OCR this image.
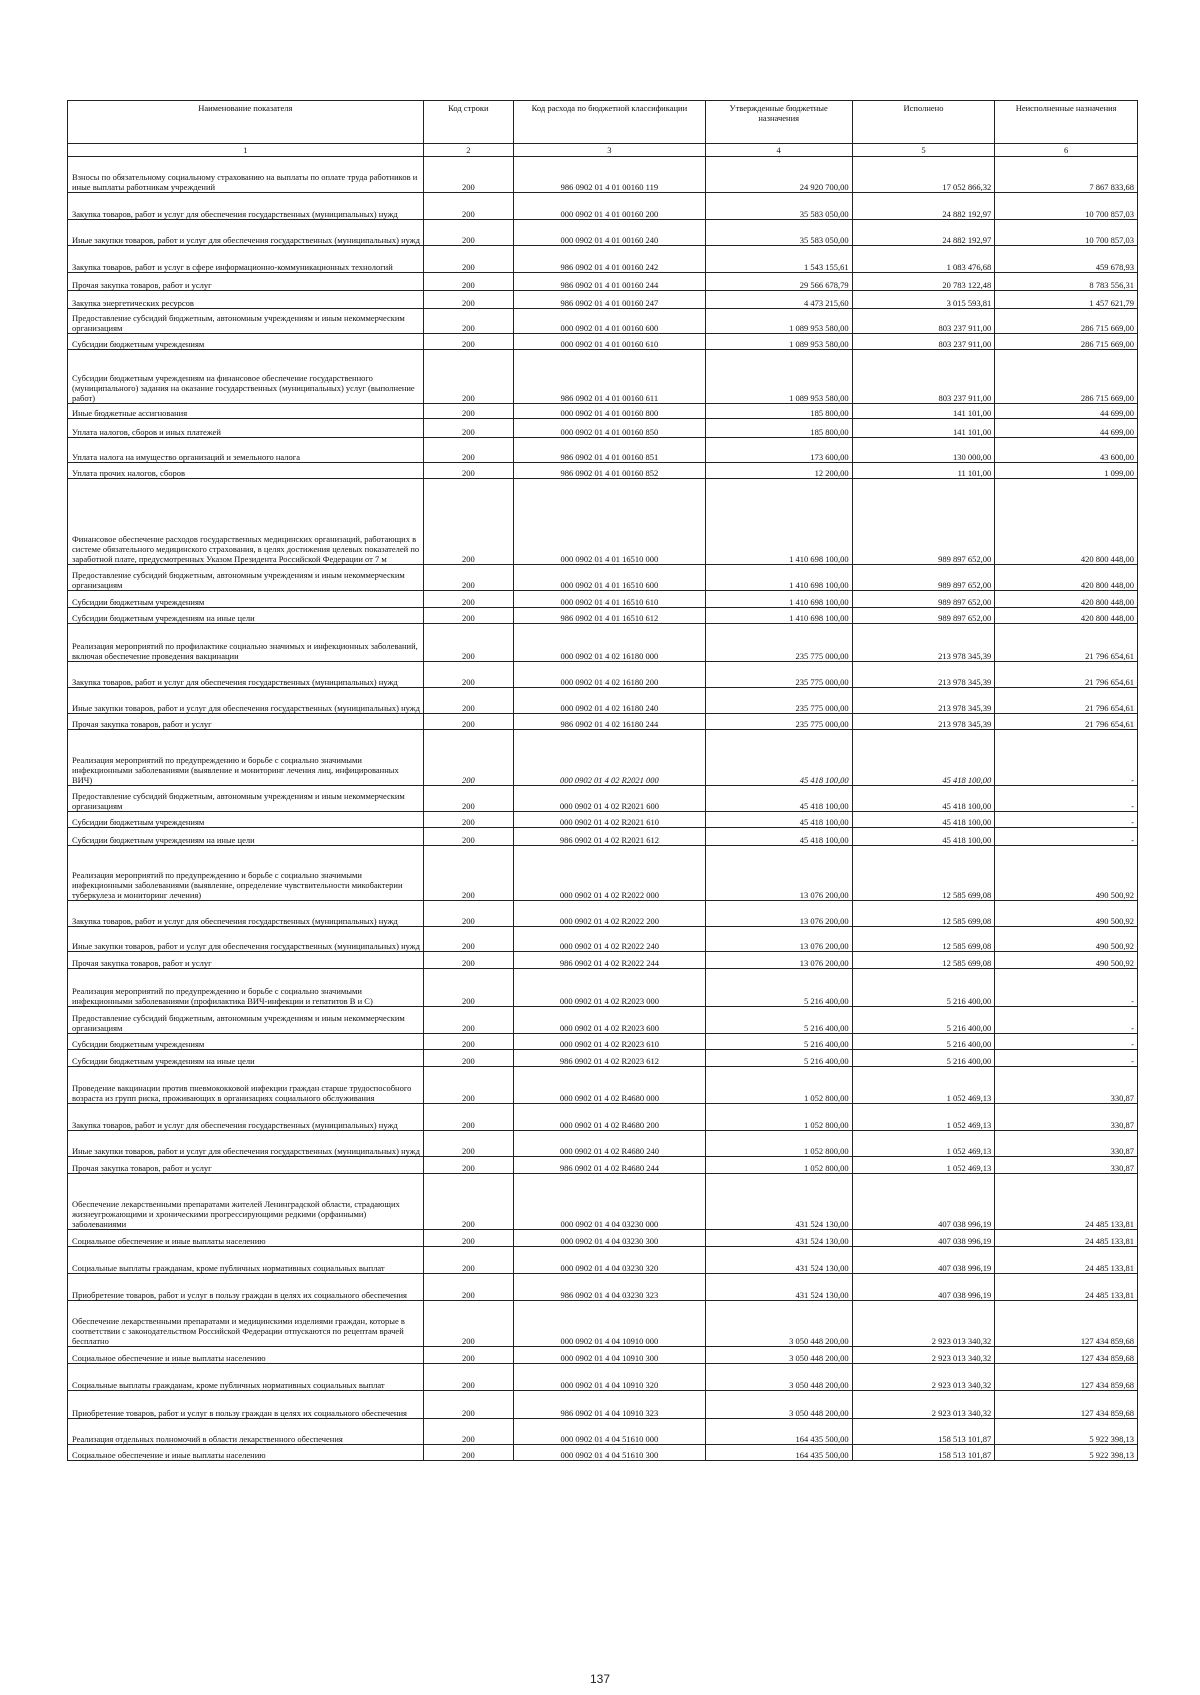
Наименование показателя	Код строки	Код расхода по бюджетной классификации	Утвержденные бюджетные назначения	Исполнено	Неисполненные назначения
1	2	3	4	5	6
Взносы по обязательному социальному страхованию на выплаты по оплате труда работников и иные выплаты работникам учреждений	200	986 0902 01 4 01 00160 119	24 920 700,00	17 052 866,32	7 867 833,68
Закупка товаров, работ и услуг для обеспечения государственных (муниципальных) нужд	200	000 0902 01 4 01 00160 200	35 583 050,00	24 882 192,97	10 700 857,03
Иные закупки товаров, работ и услуг для обеспечения государственных (муниципальных) нужд	200	000 0902 01 4 01 00160 240	35 583 050,00	24 882 192,97	10 700 857,03
Закупка товаров, работ и услуг в сфере информационно-коммуникационных технологий	200	986 0902 01 4 01 00160 242	1 543 155,61	1 083 476,68	459 678,93
Прочая закупка товаров, работ и услуг	200	986 0902 01 4 01 00160 244	29 566 678,79	20 783 122,48	8 783 556,31
Закупка энергетических ресурсов	200	986 0902 01 4 01 00160 247	4 473 215,60	3 015 593,81	1 457 621,79
Предоставление субсидий бюджетным, автономным учреждениям и иным некоммерческим организациям	200	000 0902 01 4 01 00160 600	1 089 953 580,00	803 237 911,00	286 715 669,00
Субсидии бюджетным учреждениям	200	000 0902 01 4 01 00160 610	1 089 953 580,00	803 237 911,00	286 715 669,00
Субсидии бюджетным учреждениям на финансовое обеспечение государственного (муниципального) задания на оказание государственных (муниципальных) услуг (выполнение работ)	200	986 0902 01 4 01 00160 611	1 089 953 580,00	803 237 911,00	286 715 669,00
Иные бюджетные ассигнования	200	000 0902 01 4 01 00160 800	185 800,00	141 101,00	44 699,00
Уплата налогов, сборов и иных платежей	200	000 0902 01 4 01 00160 850	185 800,00	141 101,00	44 699,00
Уплата налога на имущество организаций и земельного налога	200	986 0902 01 4 01 00160 851	173 600,00	130 000,00	43 600,00
Уплата прочих налогов, сборов	200	986 0902 01 4 01 00160 852	12 200,00	11 101,00	1 099,00
Финансовое обеспечение расходов государственных медицинских организаций, работающих в системе обязательного медицинского страхования, в целях достижения целевых показателей по заработной плате, предусмотренных Указом Президента Российской Федерации от 7 м	200	000 0902 01 4 01 16510 000	1 410 698 100,00	989 897 652,00	420 800 448,00
Предоставление субсидий бюджетным, автономным учреждениям и иным некоммерческим организациям	200	000 0902 01 4 01 16510 600	1 410 698 100,00	989 897 652,00	420 800 448,00
Субсидии бюджетным учреждениям	200	000 0902 01 4 01 16510 610	1 410 698 100,00	989 897 652,00	420 800 448,00
Субсидии бюджетным учреждениям на иные цели	200	986 0902 01 4 01 16510 612	1 410 698 100,00	989 897 652,00	420 800 448,00
Реализация мероприятий по профилактике социально значимых и инфекционных заболеваний, включая обеспечение проведения вакцинации	200	000 0902 01 4 02 16180 000	235 775 000,00	213 978 345,39	21 796 654,61
Закупка товаров, работ и услуг для обеспечения государственных (муниципальных) нужд	200	000 0902 01 4 02 16180 200	235 775 000,00	213 978 345,39	21 796 654,61
Иные закупки товаров, работ и услуг для обеспечения государственных (муниципальных) нужд	200	000 0902 01 4 02 16180 240	235 775 000,00	213 978 345,39	21 796 654,61
Прочая закупка товаров, работ и услуг	200	986 0902 01 4 02 16180 244	235 775 000,00	213 978 345,39	21 796 654,61
Реализация мероприятий по предупреждению и борьбе с социально значимыми инфекционными заболеваниями (выявление и мониторинг лечения лиц, инфицированных ВИЧ)	200	000 0902 01 4 02 R2021 000	45 418 100,00	45 418 100,00	-
Предоставление субсидий бюджетным, автономным учреждениям и иным некоммерческим организациям	200	000 0902 01 4 02 R2021 600	45 418 100,00	45 418 100,00	-
Субсидии бюджетным учреждениям	200	000 0902 01 4 02 R2021 610	45 418 100,00	45 418 100,00	-
Субсидии бюджетным учреждениям на иные цели	200	986 0902 01 4 02 R2021 612	45 418 100,00	45 418 100,00	-
Реализация мероприятий по предупреждению и борьбе с социально значимыми инфекционными заболеваниями (выявление, определение чувствительности микобактерии туберкулеза и мониторинг лечения)	200	000 0902 01 4 02 R2022 000	13 076 200,00	12 585 699,08	490 500,92
Закупка товаров, работ и услуг для обеспечения государственных (муниципальных) нужд	200	000 0902 01 4 02 R2022 200	13 076 200,00	12 585 699,08	490 500,92
Иные закупки товаров, работ и услуг для обеспечения государственных (муниципальных) нужд	200	000 0902 01 4 02 R2022 240	13 076 200,00	12 585 699,08	490 500,92
Прочая закупка товаров, работ и услуг	200	986 0902 01 4 02 R2022 244	13 076 200,00	12 585 699,08	490 500,92
Реализация мероприятий по предупреждению и борьбе с социально значимыми инфекционными заболеваниями (профилактика ВИЧ-инфекции и гепатитов В и С)	200	000 0902 01 4 02 R2023 000	5 216 400,00	5 216 400,00	-
Предоставление субсидий бюджетным, автономным учреждениям и иным некоммерческим организациям	200	000 0902 01 4 02 R2023 600	5 216 400,00	5 216 400,00	-
Субсидии бюджетным учреждениям	200	000 0902 01 4 02 R2023 610	5 216 400,00	5 216 400,00	-
Субсидии бюджетным учреждениям на иные цели	200	986 0902 01 4 02 R2023 612	5 216 400,00	5 216 400,00	-
Проведение вакцинации против пневмококковой инфекции граждан старше трудоспособного возраста из групп риска, проживающих в организациях социального обслуживания	200	000 0902 01 4 02 R4680 000	1 052 800,00	1 052 469,13	330,87
Закупка товаров, работ и услуг для обеспечения государственных (муниципальных) нужд	200	000 0902 01 4 02 R4680 200	1 052 800,00	1 052 469,13	330,87
Иные закупки товаров, работ и услуг для обеспечения государственных (муниципальных) нужд	200	000 0902 01 4 02 R4680 240	1 052 800,00	1 052 469,13	330,87
Прочая закупка товаров, работ и услуг	200	986 0902 01 4 02 R4680 244	1 052 800,00	1 052 469,13	330,87
Обеспечение лекарственными препаратами жителей Ленинградской области, страдающих жизнеугрожающими и хроническими прогрессирующими редкими (орфанными) заболеваниями	200	000 0902 01 4 04 03230 000	431 524 130,00	407 038 996,19	24 485 133,81
Социальное обеспечение и иные выплаты населению	200	000 0902 01 4 04 03230 300	431 524 130,00	407 038 996,19	24 485 133,81
Социальные выплаты гражданам, кроме публичных нормативных социальных выплат	200	000 0902 01 4 04 03230 320	431 524 130,00	407 038 996,19	24 485 133,81
Приобретение товаров, работ и услуг в пользу граждан в целях их социального обеспечения	200	986 0902 01 4 04 03230 323	431 524 130,00	407 038 996,19	24 485 133,81
Обеспечение лекарственными препаратами и медицинскими изделиями граждан, которые в соответствии с законодательством Российской Федерации отпускаются по рецептам врачей бесплатно	200	000 0902 01 4 04 10910 000	3 050 448 200,00	2 923 013 340,32	127 434 859,68
Социальное обеспечение и иные выплаты населению	200	000 0902 01 4 04 10910 300	3 050 448 200,00	2 923 013 340,32	127 434 859,68
Социальные выплаты гражданам, кроме публичных нормативных социальных выплат	200	000 0902 01 4 04 10910 320	3 050 448 200,00	2 923 013 340,32	127 434 859,68
Приобретение товаров, работ и услуг в пользу граждан в целях их социального обеспечения	200	986 0902 01 4 04 10910 323	3 050 448 200,00	2 923 013 340,32	127 434 859,68
Реализация отдельных полномочий в области лекарственного обеспечения	200	000 0902 01 4 04 51610 000	164 435 500,00	158 513 101,87	5 922 398,13
Социальное обеспечение и иные выплаты населению	200	000 0902 01 4 04 51610 300	164 435 500,00	158 513 101,87	5 922 398,13
137
